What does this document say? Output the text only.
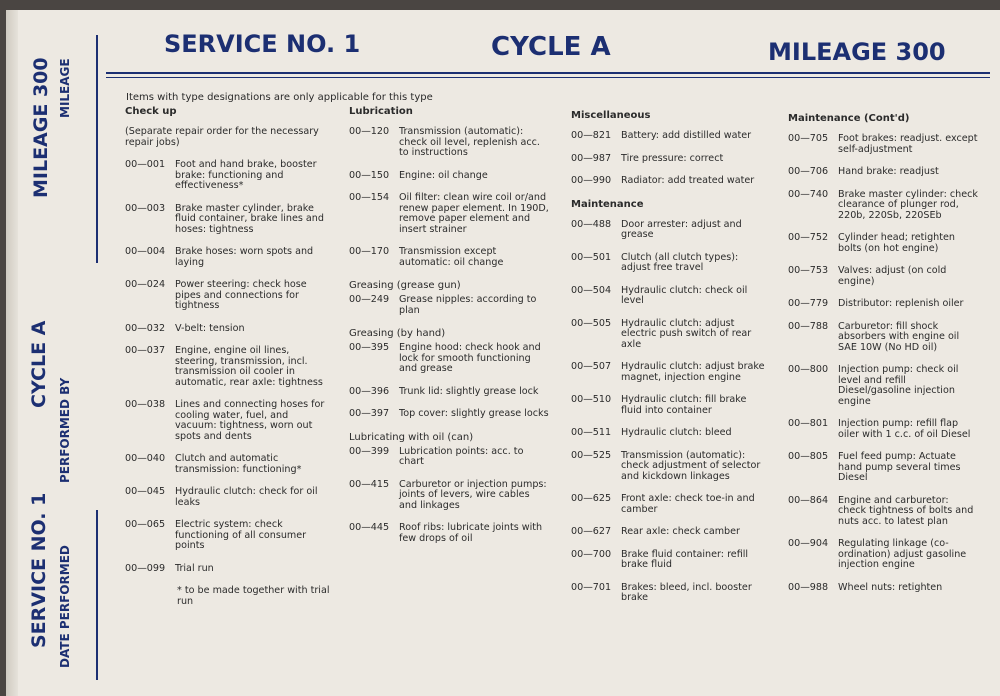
SERVICE NO. 1	CYCLE A	MILEAGE 300
MILEAGE 300 MILEAGE
CYCLE A
PERFORMED BY
SERVICE NO. 1 DATE PERFORMED
Items with type designations are only applicable for this type
Check up
(Separate repair order for the necessary repair jobs)
00—001	Foot and hand brake, booster brake: functioning and effectiveness*
00—003	Brake master cylinder, brake fluid container, brake lines and hoses: tightness
00—004	Brake hoses: worn spots and laying
00—024	Power steering: check hose pipes and connections for tightness
00—032	V-belt: tension
00—037	Engine, engine oil lines, steering, transmission, incl. transmission oil cooler in automatic, rear axle: tightness
00—038	Lines and connecting hoses for cooling water, fuel, and vacuum: tightness, worn out spots and dents
00—040	Clutch and automatic transmission: functioning*
00—045	Hydraulic clutch: check for oil leaks
00—065	Electric system: check functioning of all consumer points
00—099	Trial run
* to be made together with trial run
Lubrication
00—120	Transmission (automatic): check oil level, replenish acc. to instructions
00—150	Engine: oil change
00—154	Oil filter: clean wire coil or/and renew paper element. In 190D, remove paper element and insert strainer
00—170	Transmission except automatic: oil change
Greasing (grease gun)
00—249	Grease nipples: according to plan
Greasing (by hand)
00—395	Engine hood: check hook and lock for smooth functioning and grease
00—396	Trunk lid: slightly grease lock
00—397	Top cover: slightly grease locks
Lubricating with oil (can)
00—399	Lubrication points: acc. to chart
00—415	Carburetor or injection pumps: joints of levers, wire cables and linkages
00—445	Roof ribs: lubricate joints with few drops of oil
Miscellaneous
00—821	Battery: add distilled water
00—987	Tire pressure: correct
00—990	Radiator: add treated water
Maintenance
00—488	Door arrester: adjust and grease
00—501	Clutch (all clutch types): adjust free travel
00—504	Hydraulic clutch: check oil level
00—505	Hydraulic clutch: adjust electric push switch of rear axle
00—507	Hydraulic clutch: adjust brake magnet, injection engine
00—510	Hydraulic clutch: fill brake fluid into container
00—511	Hydraulic clutch: bleed
00—525	Transmission (automatic): check adjustment of selector and kickdown linkages
00—625	Front axle: check toe-in and camber
00—627	Rear axle: check camber
00—700	Brake fluid container: refill brake fluid
00—701	Brakes: bleed, incl. booster brake
Maintenance (Cont'd)
00—705	Foot brakes: readjust. except self-adjustment
00—706	Hand brake: readjust
00—740	Brake master cylinder: check clearance of plunger rod, 220b, 220Sb, 220SEb
00—752	Cylinder head; retighten bolts (on hot engine)
00—753	Valves: adjust (on cold engine)
00—779	Distributor: replenish oiler
00—788	Carburetor: fill shock absorbers with engine oil SAE 10W (No HD oil)
00—800	Injection pump: check oil level and refill Diesel/gasoline injection engine
00—801	Injection pump: refill flap oiler with 1 c.c. of oil Diesel
00—805	Fuel feed pump: Actuate hand pump several times Diesel
00—864	Engine and carburetor: check tightness of bolts and nuts acc. to latest plan
00—904	Regulating linkage (co-ordination) adjust gasoline injection engine
00—988	Wheel nuts: retighten
